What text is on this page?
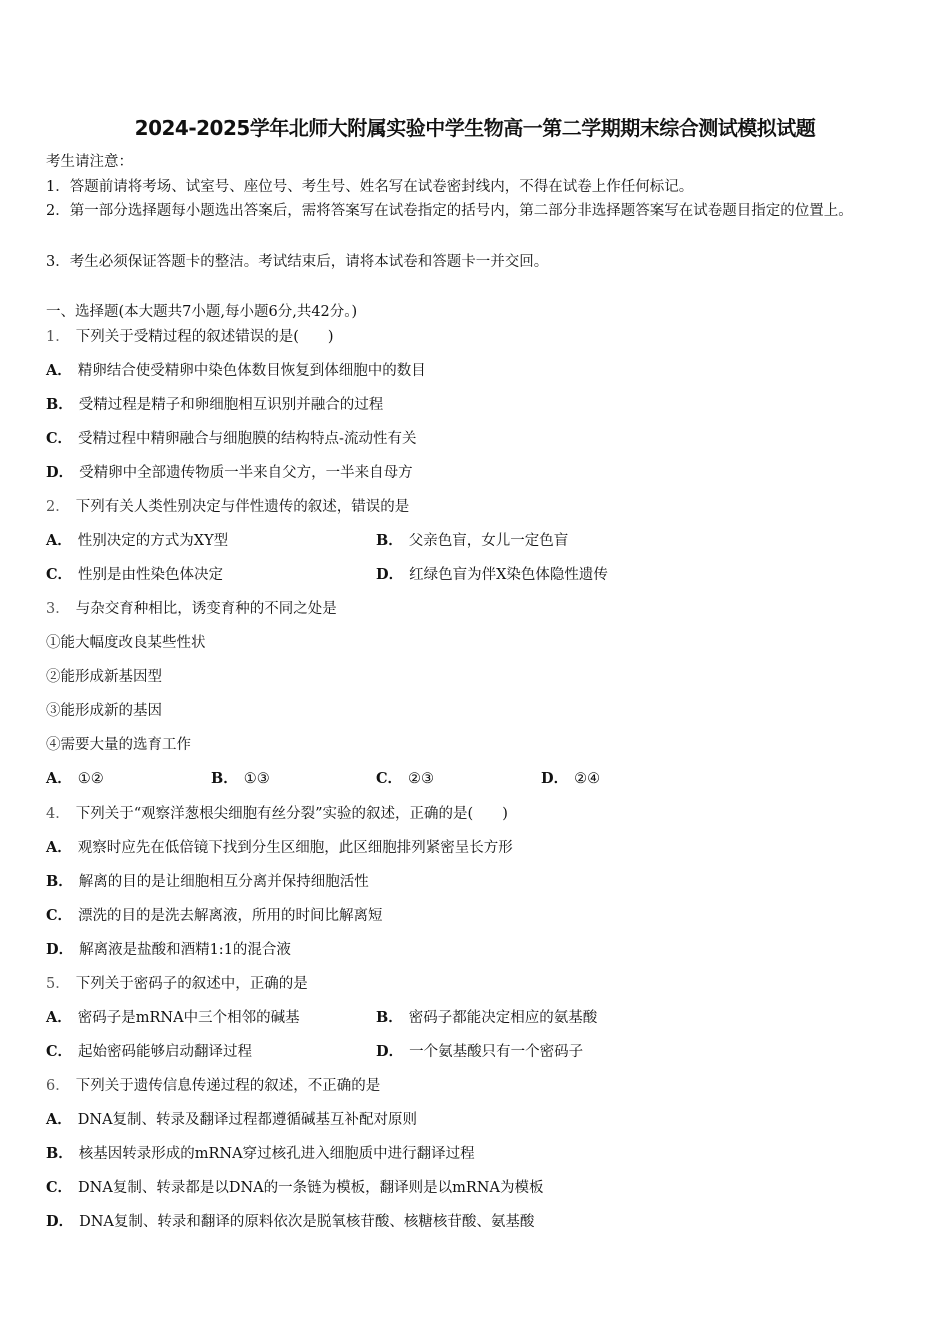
2024-2025学年北师大附属实验中学生物高一第二学期期末综合测试模拟试题
考生请注意：
1．答题前请将考场、试室号、座位号、考生号、姓名写在试卷密封线内，不得在试卷上作任何标记。
2．第一部分选择题每小题选出答案后，需将答案写在试卷指定的括号内，第二部分非选择题答案写在试卷题目指定的位置上。
3．考生必须保证答题卡的整洁。考试结束后，请将本试卷和答题卡一并交回。
一、选择题(本大题共7小题,每小题6分,共42分。)
1． 下列关于受精过程的叙述错误的是(　　)
A． 精卵结合使受精卵中染色体数目恢复到体细胞中的数目
B． 受精过程是精子和卵细胞相互识别并融合的过程
C． 受精过程中精卵融合与细胞膜的结构特点-流动性有关
D． 受精卵中全部遗传物质一半来自父方，一半来自母方
2． 下列有关人类性别决定与伴性遗传的叙述，错误的是
A． 性别决定的方式为XY型	B． 父亲色盲，女儿一定色盲
C． 性别是由性染色体决定	D． 红绿色盲为伴X染色体隐性遗传
3． 与杂交育种相比，诱变育种的不同之处是
①能大幅度改良某些性状
②能形成新基因型
③能形成新的基因
④需要大量的选育工作
A． ①②	B． ①③	C． ②③	D． ②④
4． 下列关于“观察洋葱根尖细胞有丝分裂”实验的叙述，正确的是(　　)
A． 观察时应先在低倍镜下找到分生区细胞，此区细胞排列紧密呈长方形
B． 解离的目的是让细胞相互分离并保持细胞活性
C． 漂洗的目的是洗去解离液，所用的时间比解离短
D． 解离液是盐酸和酒精1:1的混合液
5． 下列关于密码子的叙述中，正确的是
A． 密码子是mRNA中三个相邻的碱基	B． 密码子都能决定相应的氨基酸
C． 起始密码能够启动翻译过程	D． 一个氨基酸只有一个密码子
6． 下列关于遗传信息传递过程的叙述，不正确的是
A． DNA复制、转录及翻译过程都遵循碱基互补配对原则
B． 核基因转录形成的mRNA穿过核孔进入细胞质中进行翻译过程
C． DNA复制、转录都是以DNA的一条链为模板，翻译则是以mRNA为模板
D． DNA复制、转录和翻译的原料依次是脱氧核苷酸、核糖核苷酸、氨基酸
